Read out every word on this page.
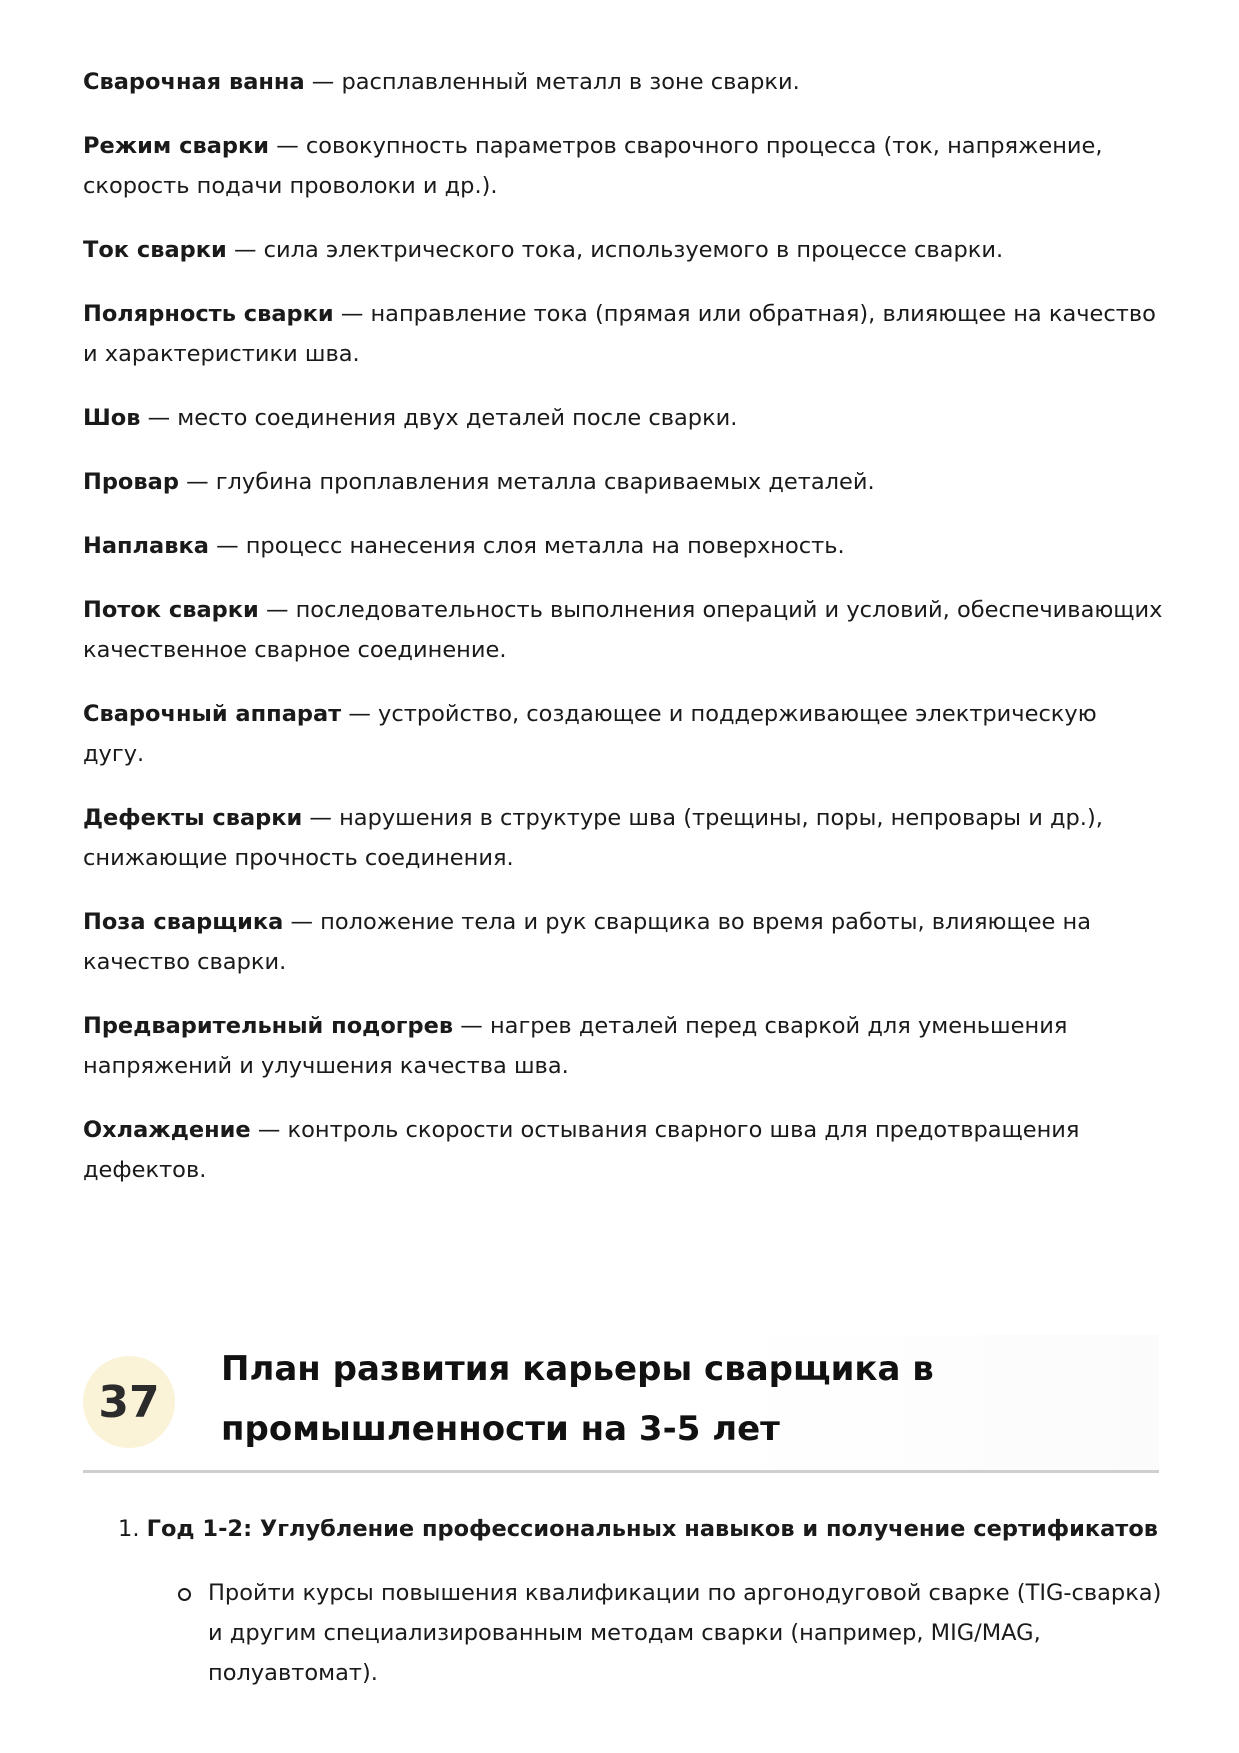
Сварочная ванна — расплавленный металл в зоне сварки.

Режим сварки — совокупность параметров сварочного процесса (ток, напряжение, скорость подачи проволоки и др.).

Ток сварки — сила электрического тока, используемого в процессе сварки.

Полярность сварки — направление тока (прямая или обратная), влияющее на качество и характеристики шва.

Шов — место соединения двух деталей после сварки.

Провар — глубина проплавления металла свариваемых деталей.

Наплавка — процесс нанесения слоя металла на поверхность.

Поток сварки — последовательность выполнения операций и условий, обеспечивающих качественное сварное соединение.

Сварочный аппарат — устройство, создающее и поддерживающее электрическую дугу.

Дефекты сварки — нарушения в структуре шва (трещины, поры, непровары и др.), снижающие прочность соединения.

Поза сварщика — положение тела и рук сварщика во время работы, влияющее на качество сварки.

Предварительный подогрев — нагрев деталей перед сваркой для уменьшения напряжений и улучшения качества шва.

Охлаждение — контроль скорости остывания сварного шва для предотвращения дефектов.

37
План развития карьеры сварщика в промышленности на 3-5 лет
1. Год 1-2: Углубление профессиональных навыков и получение сертификатов
Пройти курсы повышения квалификации по аргонодуговой сварке (TIG-сварка) и другим специализированным методам сварки (например, MIG/MAG, полуавтомат).
